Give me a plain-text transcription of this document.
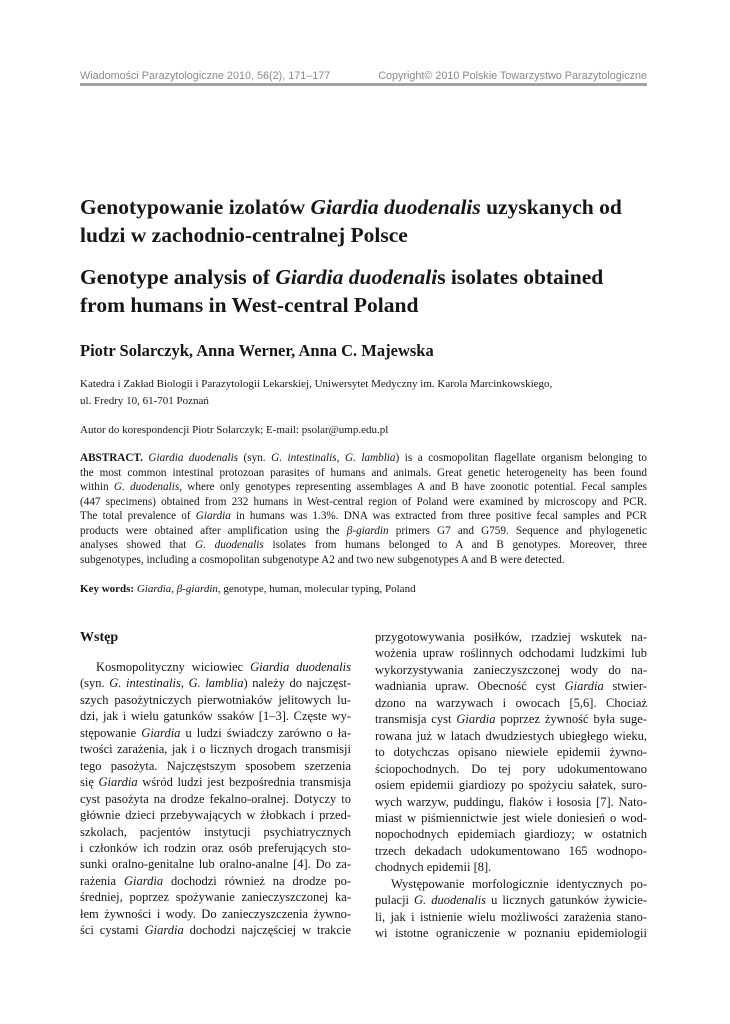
Wiadomości Parazytologiczne 2010, 56(2), 171–177	Copyright© 2010 Polskie Towarzystwo Parazytologiczne
Genotypowanie izolatów Giardia duodenalis uzyskanych od
ludzi w zachodnio-centralnej Polsce
Genotype analysis of Giardia duodenalis isolates obtained
from humans in West-central Poland
Piotr Solarczyk, Anna Werner, Anna C. Majewska
Katedra i Zakład Biologii i Parazytologii Lekarskiej, Uniwersytet Medyczny im. Karola Marcinkowskiego,
ul. Fredry 10, 61-701 Poznań
Autor do korespondencji Piotr Solarczyk; E-mail: psolar@ump.edu.pl
ABSTRACT. Giardia duodenalis (syn. G. intestinalis, G. lamblia) is a cosmopolitan flagellate organism belonging to
the most common intestinal protozoan parasites of humans and animals. Great genetic heterogeneity has been found
within G. duodenalis, where only genotypes representing assemblages A and B have zoonotic potential. Fecal samples
(447 specimens) obtained from 232 humans in West-central region of Poland were examined by microscopy and PCR.
The total prevalence of Giardia in humans was 1.3%. DNA was extracted from three positive fecal samples and PCR
products were obtained after amplification using the β-giardin primers G7 and G759. Sequence and phylogenetic
analyses showed that G. duodenalis isolates from humans belonged to A and B genotypes. Moreover, three
subgenotypes, including a cosmopolitan subgenotype A2 and two new subgenotypes A and B were detected.
Key words: Giardia, β-giardin, genotype, human, molecular typing, Poland
Wstęp
Kosmopolityczny wiciowiec Giardia duodenalis
(syn. G. intestinalis, G. lamblia) należy do najczęst-
szych pasożytniczych pierwotniaków jelitowych lu-
dzi, jak i wielu gatunków ssaków [1–3]. Częste wy-
stępowanie Giardia u ludzi świadczy zarówno o ła-
twości zarażenia, jak i o licznych drogach transmisji
tego pasożyta. Najczęstszym sposobem szerzenia
się Giardia wśród ludzi jest bezpośrednia transmisja
cyst pasożyta na drodze fekalno-oralnej. Dotyczy to
głównie dzieci przebywających w żłobkach i przed-
szkolach, pacjentów instytucji psychiatrycznych
i członków ich rodzin oraz osób preferujących sto-
sunki oralno-genitalne lub oralno-analne [4]. Do za-
rażenia Giardia dochodzi również na drodze po-
średniej, poprzez spożywanie zanieczyszczonej ka-
łem żywności i wody. Do zanieczyszczenia żywno-
ści cystami Giardia dochodzi najczęściej w trakcie
przygotowywania posiłków, rzadziej wskutek na-
wożenia upraw roślinnych odchodami ludzkimi lub
wykorzystywania zanieczyszczonej wody do na-
wadniania upraw. Obecność cyst Giardia stwier-
dzono na warzywach i owocach [5,6]. Chociaż
transmisja cyst Giardia poprzez żywność była suge-
rowana już w latach dwudziestych ubiegłego wieku,
to dotychczas opisano niewiele epidemii żywno-
ściopochodnych. Do tej pory udokumentowano
osiem epidemii giardiozy po spożyciu sałatek, suro-
wych warzyw, puddingu, flaków i łososia [7]. Nato-
miast w piśmiennictwie jest wiele doniesień o wod-
nopochodnych epidemiach giardiozy; w ostatnich
trzech dekadach udokumentowano 165 wodnopo-
chodnych epidemii [8].
Występowanie morfologicznie identycznych po-
pulacji G. duodenalis u licznych gatunków żywicie-
li, jak i istnienie wielu możliwości zarażenia stano-
wi istotne ograniczenie w poznaniu epidemiologii
